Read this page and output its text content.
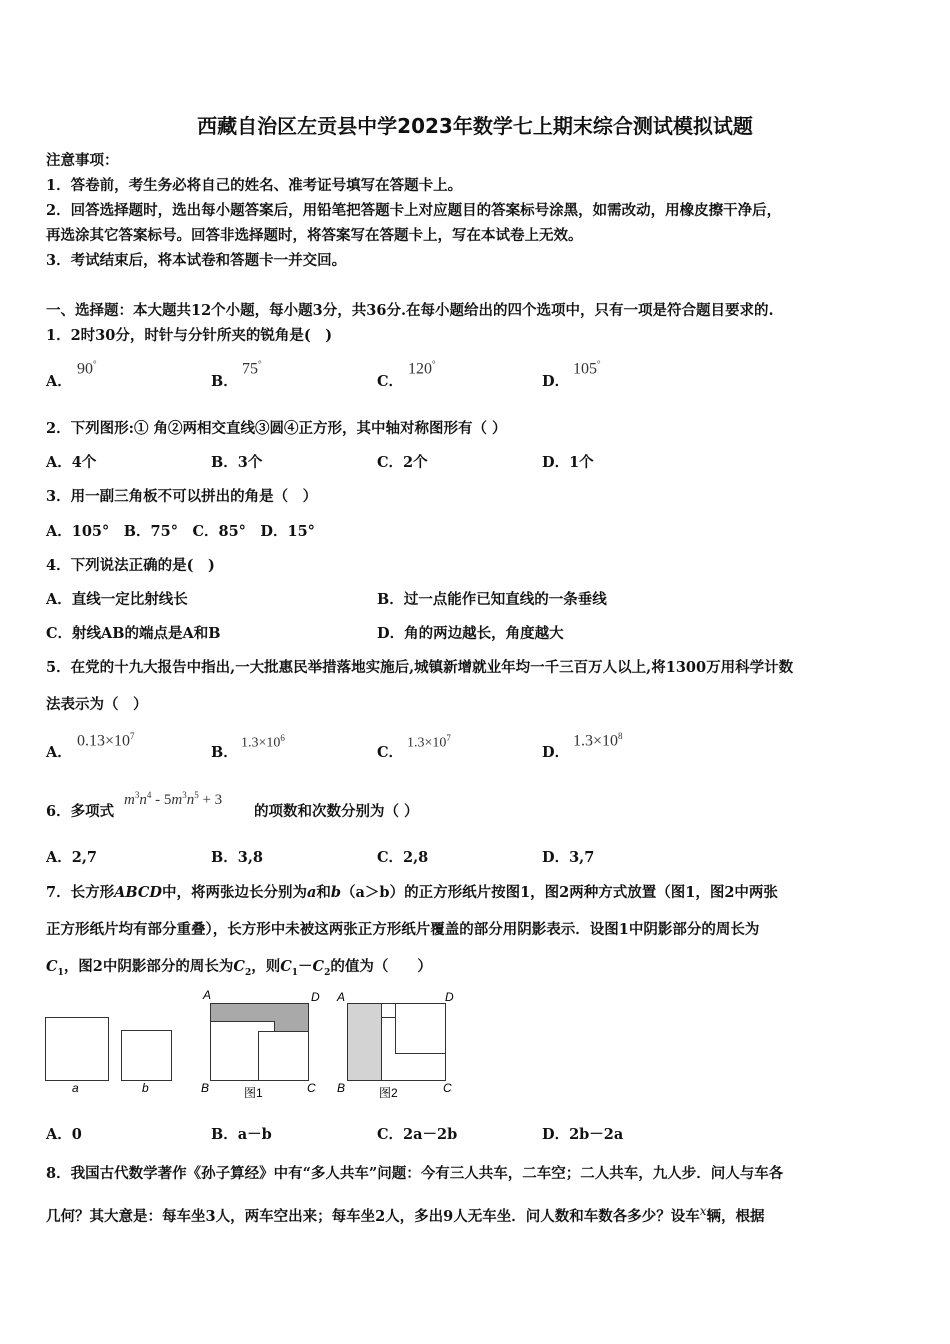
西藏自治区左贡县中学2023年数学七上期末综合测试模拟试题
注意事项：
1．答卷前，考生务必将自己的姓名、准考证号填写在答题卡上。
2．回答选择题时，选出每小题答案后，用铅笔把答题卡上对应题目的答案标号涂黑，如需改动，用橡皮擦干净后，
再选涂其它答案标号。回答非选择题时，将答案写在答题卡上，写在本试卷上无效。
3．考试结束后，将本试卷和答题卡一并交回。
一、选择题：本大题共12个小题，每小题3分，共36分.在每小题给出的四个选项中，只有一项是符合题目要求的.
1．2时30分，时针与分针所夹的锐角是(　)
A．
90°
B．
75°
C．
120°
D．
105°
2．下列图形:① 角②两相交直线③圆④正方形，其中轴对称图形有（ ）
A．4个	B．3个	C．2个	D．1个
3．用一副三角板不可以拼出的角是（　）
A．105°　B．75°　C．85°　D．15°
4．下列说法正确的是(　)
A．直线一定比射线长	B．过一点能作已知直线的一条垂线
C．射线AB的端点是A和B	D．角的两边越长，角度越大
5．在党的十九大报告中指出,一大批惠民举措落地实施后,城镇新增就业年均一千三百万人以上,将1300万用科学计数
法表示为（　）
A．
$0.13\times 10^7$
B．
$1.3\times 10^6$
C．
$1.3\times 10^7$
D．
$1.3\times 10^8$
6．多项式
$m^3n^4 - 5m^3n^5 + 3$
的项数和次数分别为（ ）
A．2,7	B．3,8	C．2,8	D．3,7
7．长方形ABCD中，将两张边长分别为a和b（a＞b）的正方形纸片按图1，图2两种方式放置（图1，图2中两张
正方形纸片均有部分重叠），长方形中未被这两张正方形纸片覆盖的部分用阴影表示．设图1中阴影部分的周长为
$C_1$，图2中阴影部分的周长为$C_2$，则$C_1-C_2$的值为（　　）
a	b
A	D
B	C
图1
A	D
B	C
图2
A．0	B．a－b	C．2a－2b	D．2b－2a
8．我国古代数学著作《孙子算经》中有“多人共车”问题：今有三人共车，二车空；二人共车，九人步．问人与车各
几何？其大意是：每车坐3人，两车空出来；每车坐2人，多出9人无车坐．问人数和车数各多少？设车$^x$辆，根据
